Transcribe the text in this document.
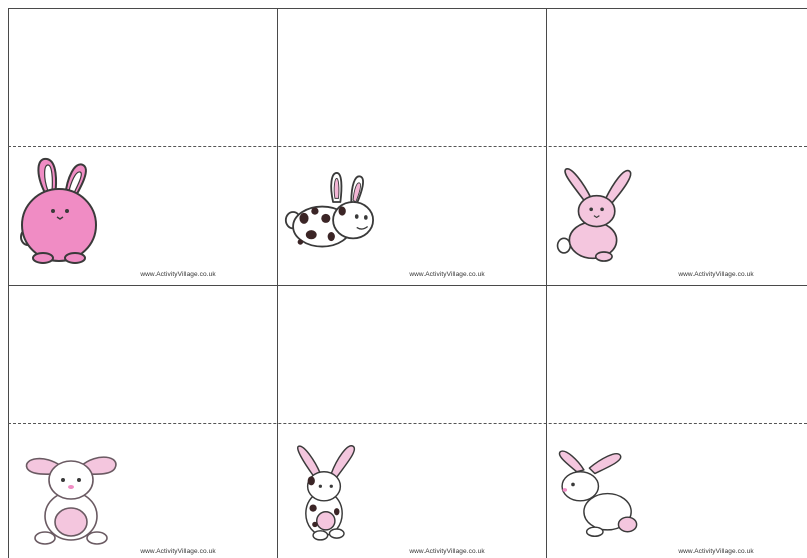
www.ActivityVillage.co.uk	www.ActivityVillage.co.uk	www.ActivityVillage.co.uk
www.ActivityVillage.co.uk	www.ActivityVillage.co.uk	www.ActivityVillage.co.uk
